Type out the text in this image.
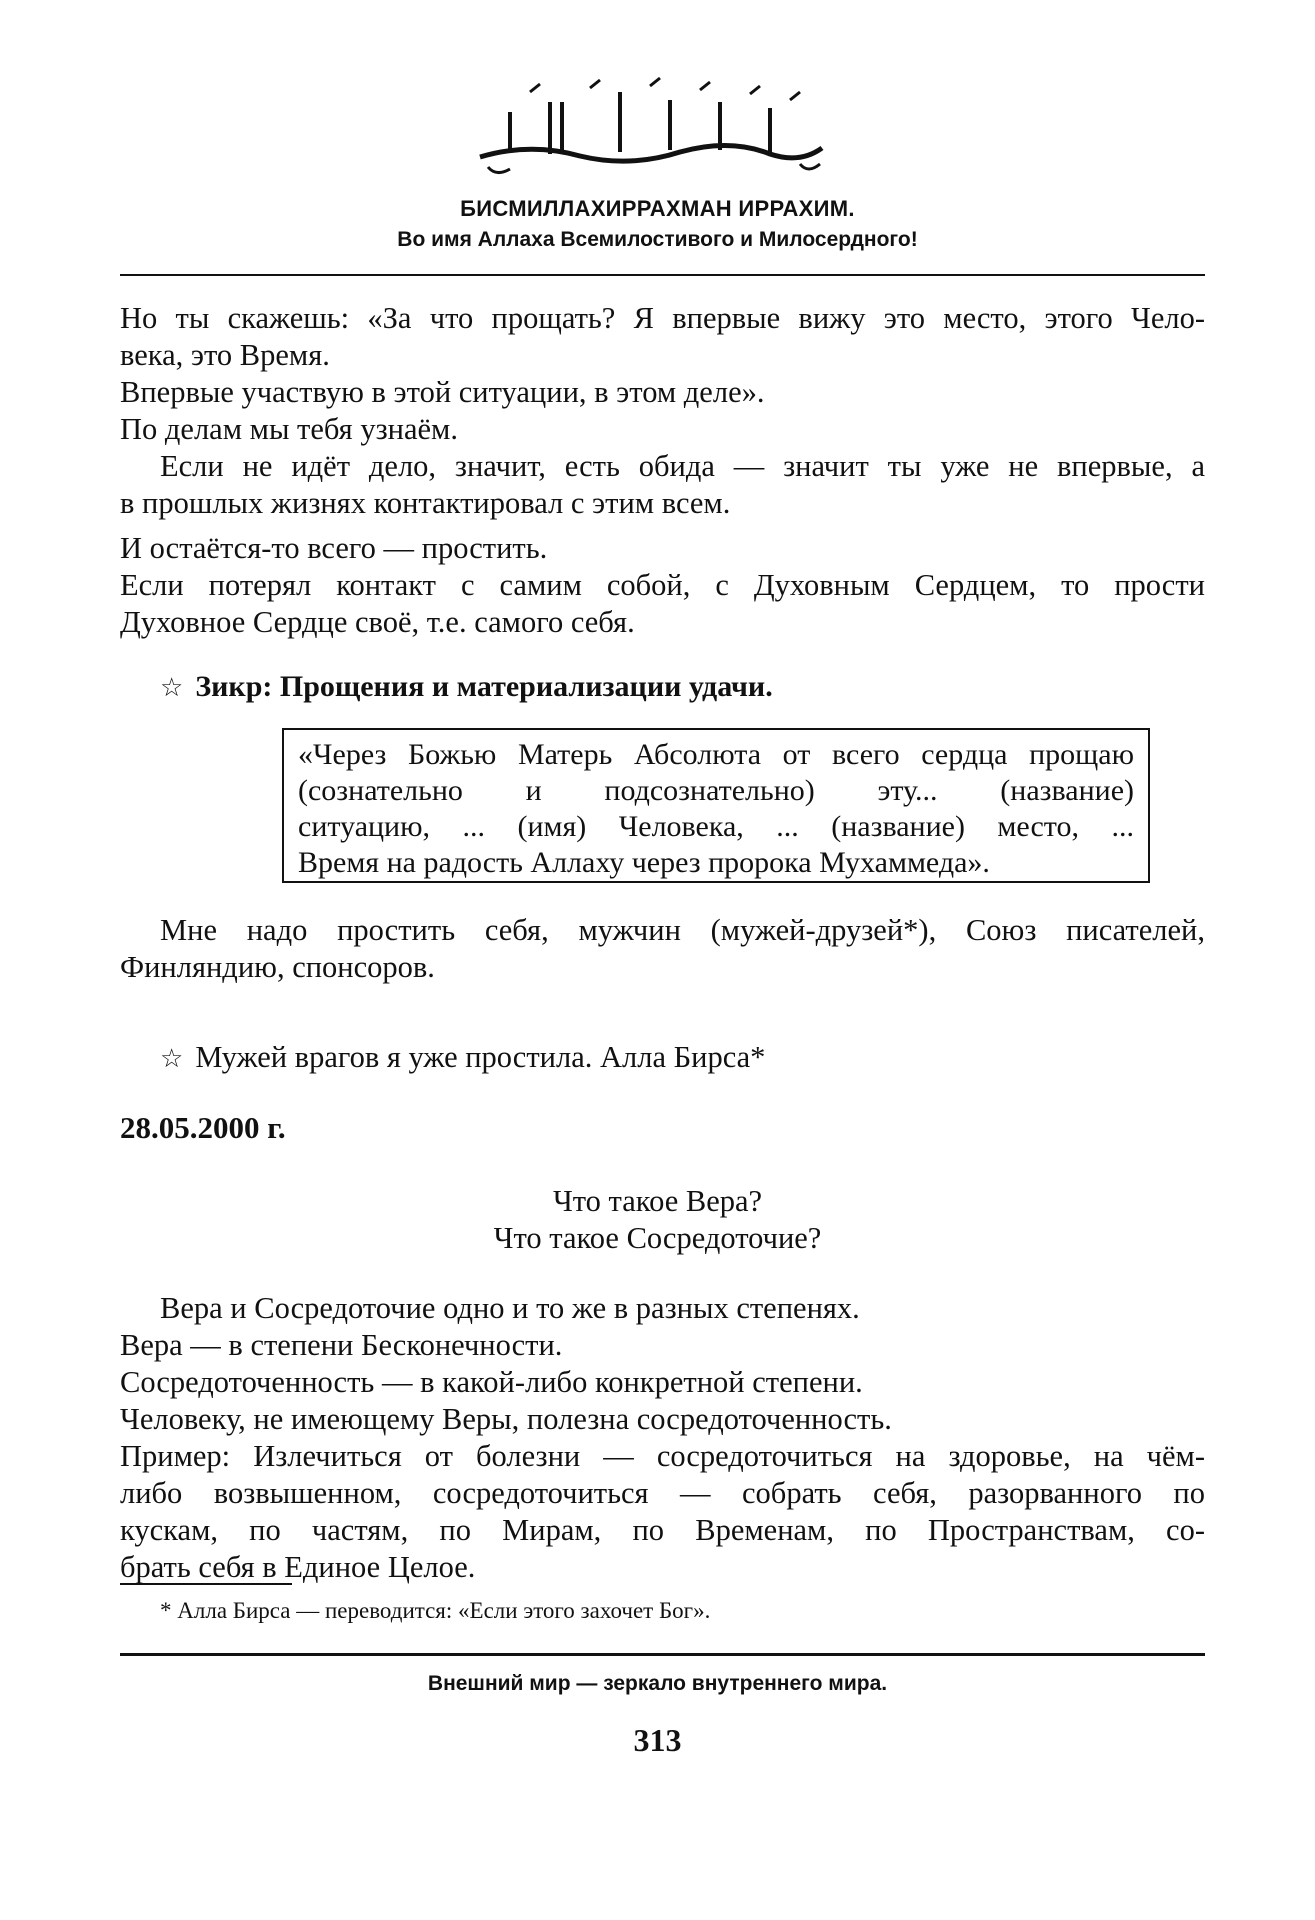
БИСМИЛЛАХИРРАХМАН ИРРАХИМ.
Во имя Аллаха Всемилостивого и Милосердного!
Но ты скажешь: «За что прощать? Я впервые вижу это место, этого Чело-
века, это Время.
Впервые участвую в этой ситуации, в этом деле».
По делам мы тебя узнаём.
Если не идёт дело, значит, есть обида — значит ты уже не впервые, а
в прошлых жизнях контактировал с этим всем.
И остаётся-то всего — простить.
Если потерял контакт с самим собой, с Духовным Сердцем, то прости
Духовное Сердце своё, т.е. самого себя.
☆ Зикр: Прощения и материализации удачи.
«Через Божью Матерь Абсолюта от всего сердца прощаю
(сознательно и подсознательно) эту... (название)
ситуацию, ... (имя) Человека, ... (название) место, ...
Время на радость Аллаху через пророка Мухаммеда».
Мне надо простить себя, мужчин (мужей-друзей*), Союз писателей,
Финляндию, спонсоров.
☆ Мужей врагов я уже простила. Алла Бирса*
28.05.2000 г.
Что такое Вера?
Что такое Сосредоточие?
Вера и Сосредоточие одно и то же в разных степенях.
Вера — в степени Бесконечности.
Сосредоточенность — в какой-либо конкретной степени.
Человеку, не имеющему Веры, полезна сосредоточенность.
Пример: Излечиться от болезни — сосредоточиться на здоровье, на чём-
либо возвышенном, сосредоточиться — собрать себя, разорванного по
кускам, по частям, по Мирам, по Временам, по Пространствам, со-
брать себя в Единое Целое.
* Алла Бирса — переводится: «Если этого захочет Бог».
Внешний мир — зеркало внутреннего мира.
313
